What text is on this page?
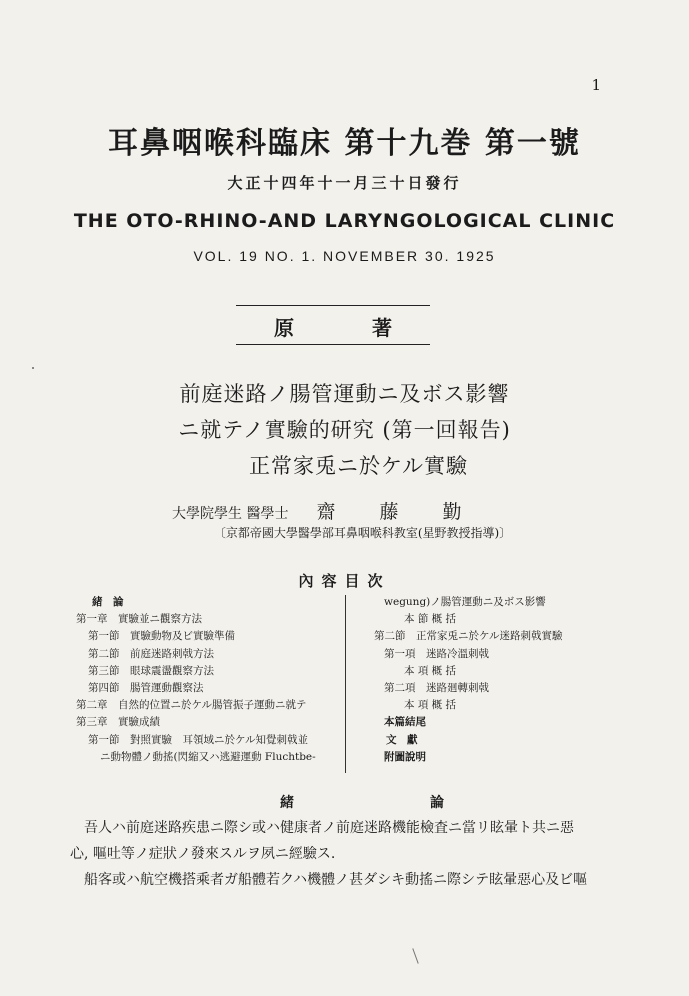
1
耳鼻咽喉科臨床 第十九巻 第一號
大正十四年十一月三十日發行
THE OTO-RHINO-AND LARYNGOLOGICAL CLINIC
VOL. 19 NO. 1. NOVEMBER 30. 1925
原	著
前庭迷路ノ腸管運動ニ及ボス影響
ニ就テノ實驗的研究 (第一回報告)
正常家兎ニ於ケル實驗
大學院學生 醫學士 齋藤勤
〔京都帝國大學醫學部耳鼻咽喉科教室(星野教授指導)〕
內容目次
緒　論
第一章　實驗並ニ觀察方法
第一節　實驗動物及ビ實驗準備
第二節　前庭迷路刺戟方法
第三節　眼球震盪觀察方法
第四節　腸管運動觀察法
第二章　自然的位置ニ於ケル腸管振子運動ニ就テ
第三章　實驗成績
第一節　對照實驗　耳領域ニ於ケル知覺刺戟並
ニ動物體ノ動搖(閃縮又ハ逃避運動 Fluchtbe-
wegung)ノ腸管運動ニ及ボス影響
本 節 概 括
第二節　正常家兎ニ於ケル迷路刺戟實驗
第一項　迷路冷溫刺戟
本 項 概 括
第二項　迷路廻轉刺戟
本 項 概 括
本篇結尾
文　獻
附圖說明
緒	論

吾人ハ前庭迷路疾患ニ際シ或ハ健康者ノ前庭迷路機能檢査ニ當リ眩暈ト共ニ惡

心, 嘔吐等ノ症狀ノ發來スルヲ夙ニ經驗ス.

船客或ハ航空機搭乘者ガ船體若クハ機體ノ甚ダシキ動搖ニ際シテ眩暈惡心及ビ嘔
